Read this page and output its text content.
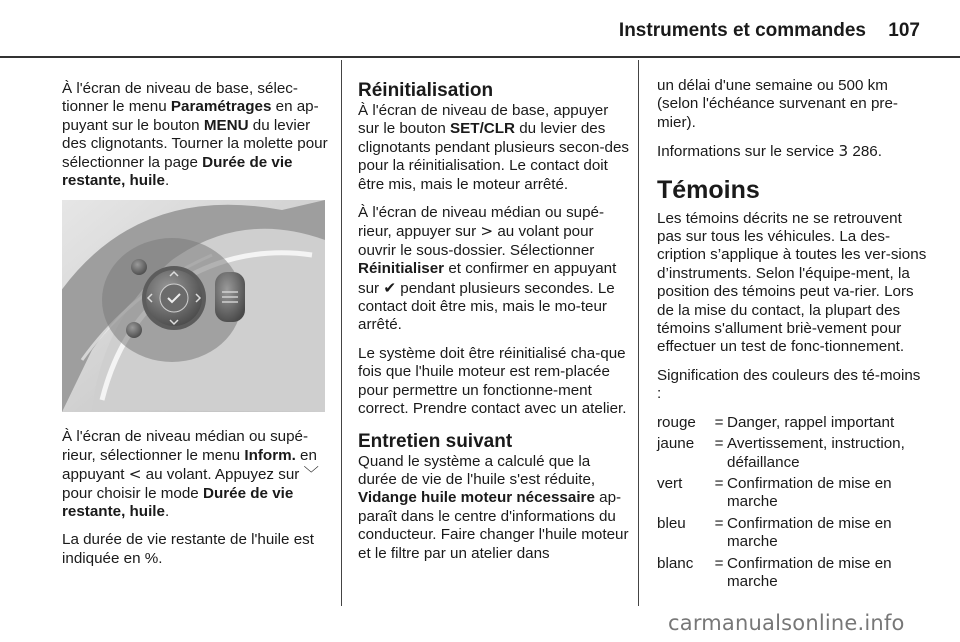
Instruments et commandes 107

À l'écran de niveau de base, sélec-tionner le menu Paramétrages en ap-puyant sur le bouton MENU du levier des clignotants. Tourner la molette pour sélectionner la page Durée de vie restante, huile.

À l'écran de niveau médian ou supé-rieur, sélectionner le menu Inform. en appuyant < au volant. Appuyez sur ﹀ pour choisir le mode Durée de vie restante, huile.

La durée de vie restante de l'huile est indiquée en %.

Réinitialisation

À l'écran de niveau de base, appuyer sur le bouton SET/CLR du levier des clignotants pendant plusieurs secon-des pour la réinitialisation. Le contact doit être mis, mais le moteur arrêté.

À l'écran de niveau médian ou supé-rieur, appuyer sur > au volant pour ouvrir le sous-dossier. Sélectionner Réinitialiser et confirmer en appuyant sur ✔ pendant plusieurs secondes. Le contact doit être mis, mais le mo-teur arrêté.

Le système doit être réinitialisé cha-que fois que l'huile moteur est rem-placée pour permettre un fonctionne-ment correct. Prendre contact avec un atelier.

Entretien suivant

Quand le système a calculé que la durée de vie de l'huile s'est réduite, Vidange huile moteur nécessaire ap-paraît dans le centre d'informations du conducteur. Faire changer l'huile moteur et le filtre par un atelier dans

un délai d'une semaine ou 500 km (selon l'échéance survenant en pre-mier).

Informations sur le service 3 286.

Témoins

Les témoins décrits ne se retrouvent pas sur tous les véhicules. La des-cription s’applique à toutes les ver-sions d’instruments. Selon l'équipe-ment, la position des témoins peut va-rier. Lors de la mise du contact, la plupart des témoins s'allument briè-vement pour effectuer un test de fonc-tionnement.

Signification des couleurs des té-moins :

rouge	= Danger, rappel important
jaune	= Avertissement, instruction, défaillance
vert	= Confirmation de mise en marche
bleu	= Confirmation de mise en marche
blanc	= Confirmation de mise en marche
carmanualsonline.info
